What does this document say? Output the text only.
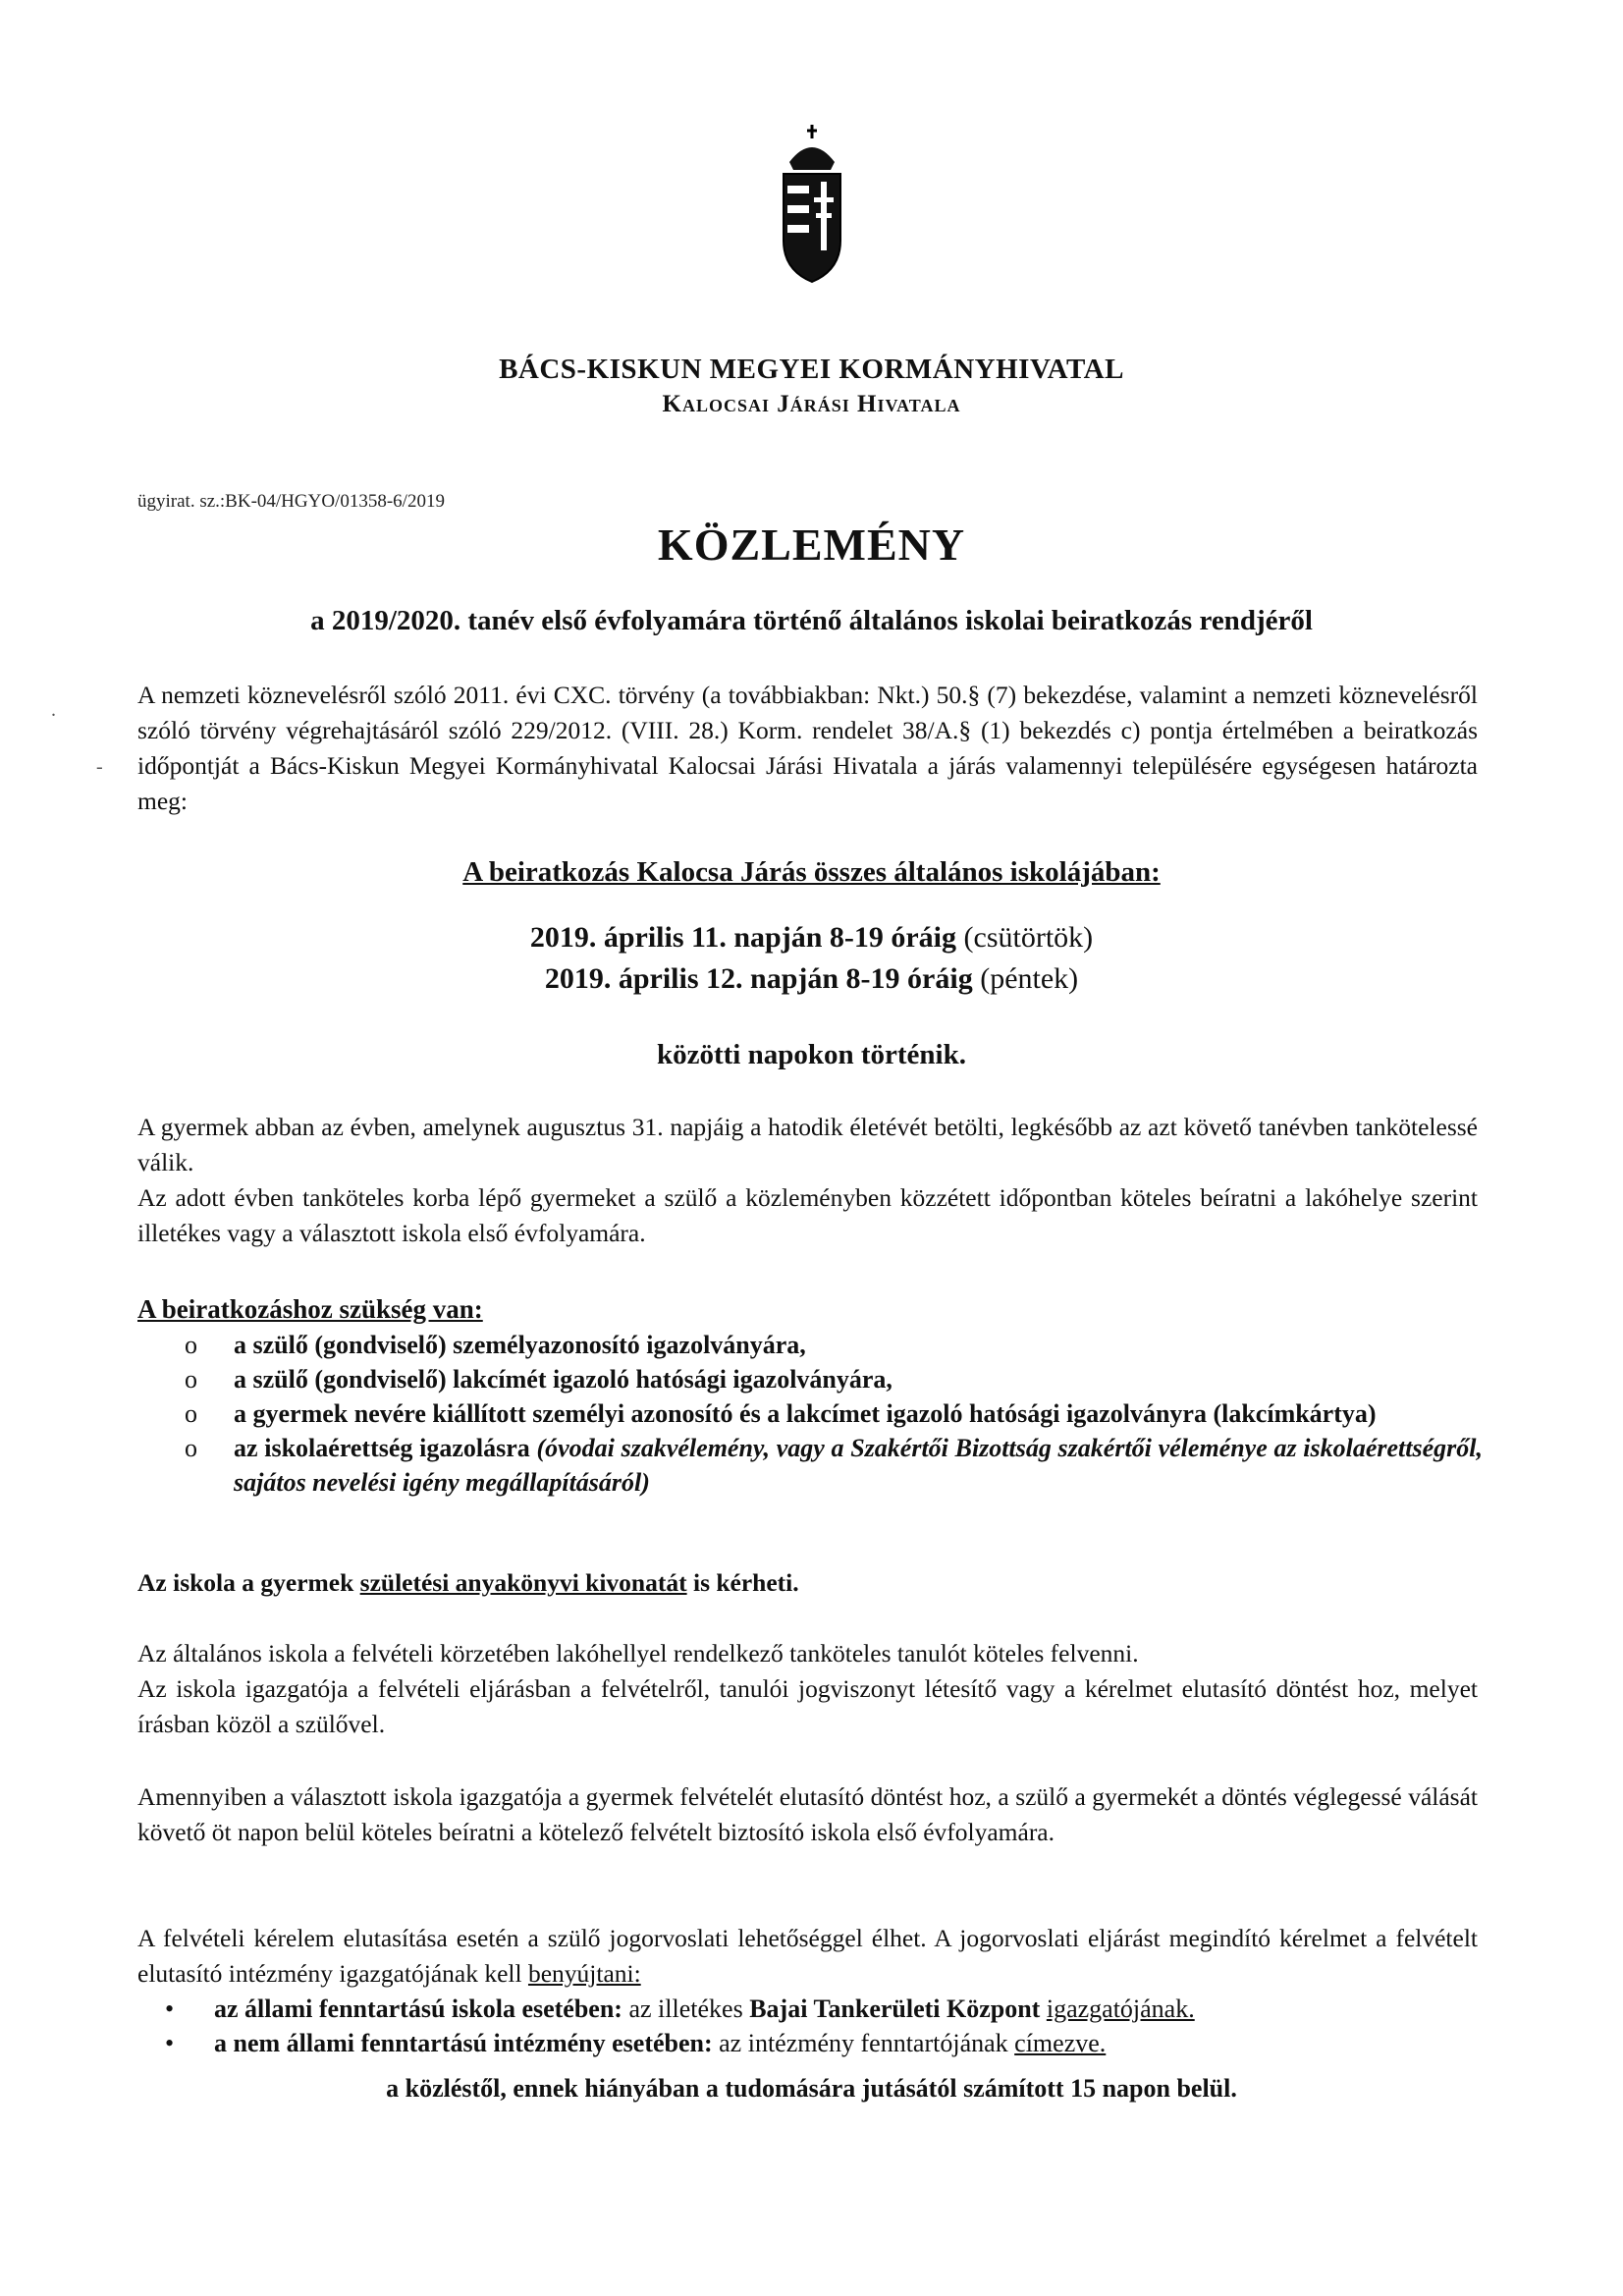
BÁCS-KISKUN MEGYEI KORMÁNYHIVATAL
Kalocsai Járási Hivatala
ügyirat. sz.:BK-04/HGYO/01358-6/2019
KÖZLEMÉNY
a 2019/2020. tanév első évfolyamára történő általános iskolai beiratkozás rendjéről
.
-
A nemzeti köznevelésről szóló 2011. évi CXC. törvény (a továbbiakban: Nkt.) 50.§ (7) bekezdése, valamint a nemzeti köznevelésről szóló törvény végrehajtásáról szóló 229/2012. (VIII. 28.) Korm. rendelet 38/A.§ (1) bekezdés c) pontja értelmében a beiratkozás időpontját a Bács-Kiskun Megyei Kormányhivatal Kalocsai Járási Hivatala a járás valamennyi településére egységesen határozta meg:
A beiratkozás Kalocsa Járás összes általános iskolájában:
2019. április 11. napján 8-19 óráig (csütörtök)
2019. április 12. napján 8-19 óráig (péntek)
közötti napokon történik.
A gyermek abban az évben, amelynek augusztus 31. napjáig a hatodik életévét betölti, legkésőbb az azt követő tanévben tankötelessé válik.
Az adott évben tanköteles korba lépő gyermeket a szülő a közleményben közzétett időpontban köteles beíratni a lakóhelye szerint illetékes vagy a választott iskola első évfolyamára.
A beiratkozáshoz szükség van:
o a szülő (gondviselő) személyazonosító igazolványára,
o a szülő (gondviselő) lakcímét igazoló hatósági igazolványára,
o a gyermek nevére kiállított személyi azonosító és a lakcímet igazoló hatósági igazolványra (lakcímkártya)
o az iskolaérettség igazolásra (óvodai szakvélemény, vagy a Szakértői Bizottság szakértői véleménye az iskolaérettségről, sajátos nevelési igény megállapításáról)
Az iskola a gyermek születési anyakönyvi kivonatát is kérheti.
Az általános iskola a felvételi körzetében lakóhellyel rendelkező tanköteles tanulót köteles felvenni.
Az iskola igazgatója a felvételi eljárásban a felvételről, tanulói jogviszonyt létesítő vagy a kérelmet elutasító döntést hoz, melyet írásban közöl a szülővel.
Amennyiben a választott iskola igazgatója a gyermek felvételét elutasító döntést hoz, a szülő a gyermekét a döntés véglegessé válását követő öt napon belül köteles beíratni a kötelező felvételt biztosító iskola első évfolyamára.
A felvételi kérelem elutasítása esetén a szülő jogorvoslati lehetőséggel élhet. A jogorvoslati eljárást megindító kérelmet a felvételt elutasító intézmény igazgatójának kell benyújtani:
• az állami fenntartású iskola esetében: az illetékes Bajai Tankerületi Központ igazgatójának.
• a nem állami fenntartású intézmény esetében: az intézmény fenntartójának címezve.
a közléstől, ennek hiányában a tudomására jutásától számított 15 napon belül.
